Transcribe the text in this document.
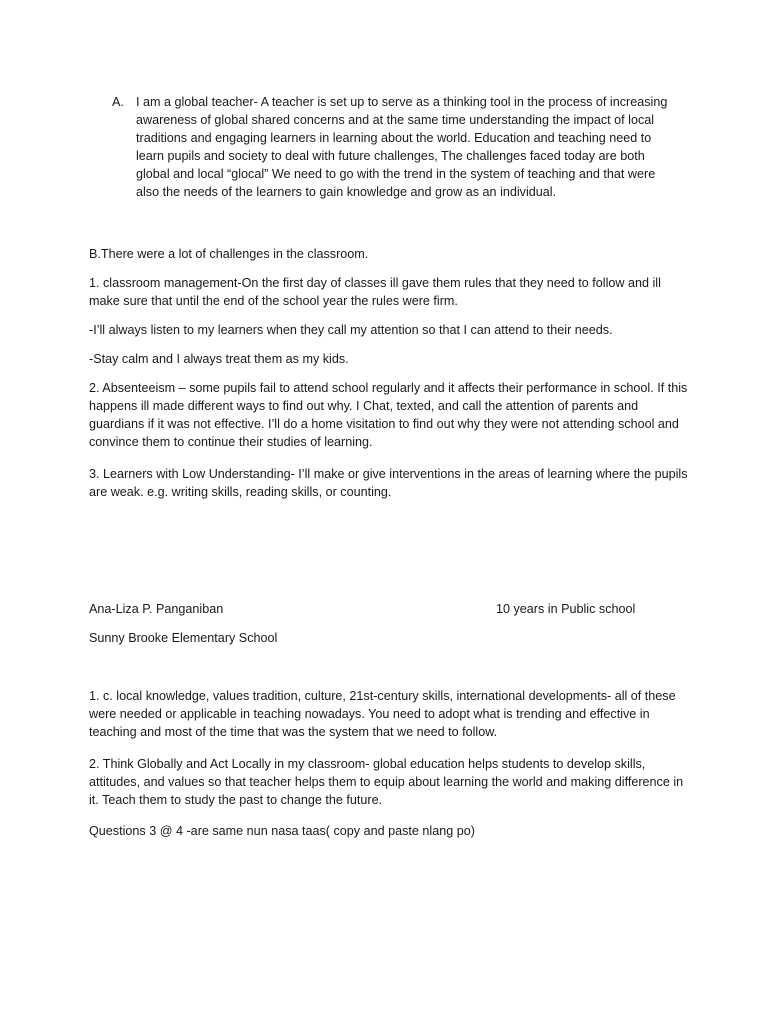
A. I am a global teacher- A teacher is set up to serve as a thinking tool in the process of increasing awareness of global shared concerns and at the same time understanding the impact of local traditions and engaging learners in learning about the world. Education and teaching need to learn pupils and society to deal with future challenges, The challenges faced today are both global and local “glocal” We need to go with the trend in the system of teaching and that were also the needs of the learners to gain knowledge and grow as an individual.

B.There were a lot of challenges in the classroom.

1. classroom management-On the first day of classes ill gave them rules that they need to follow and ill make sure that until the end of the school year the rules were firm.

-I’ll always listen to my learners when they call my attention so that I can attend to their needs.

-Stay calm and I always treat them as my kids.

2. Absenteeism – some pupils fail to attend school regularly and it affects their performance in school. If this happens ill made different ways to find out why. I Chat, texted, and call the attention of parents and guardians if it was not effective. I’ll do a home visitation to find out why they were not attending school and convince them to continue their studies of learning.

3. Learners with Low Understanding- I’ll make or give interventions in the areas of learning where the pupils are weak. e.g. writing skills, reading skills, or counting.

Ana-Liza P. Panganiban	10 years in Public school
Sunny Brooke Elementary School

1. c. local knowledge, values tradition, culture, 21st-century skills, international developments- all of these were needed or applicable in teaching nowadays. You need to adopt what is trending and effective in teaching and most of the time that was the system that we need to follow.

2. Think Globally and Act Locally in my classroom- global education helps students to develop skills, attitudes, and values so that teacher helps them to equip about learning the world and making difference in it. Teach them to study the past to change the future.

Questions 3 @ 4 -are same nun nasa taas( copy and paste nlang po)
